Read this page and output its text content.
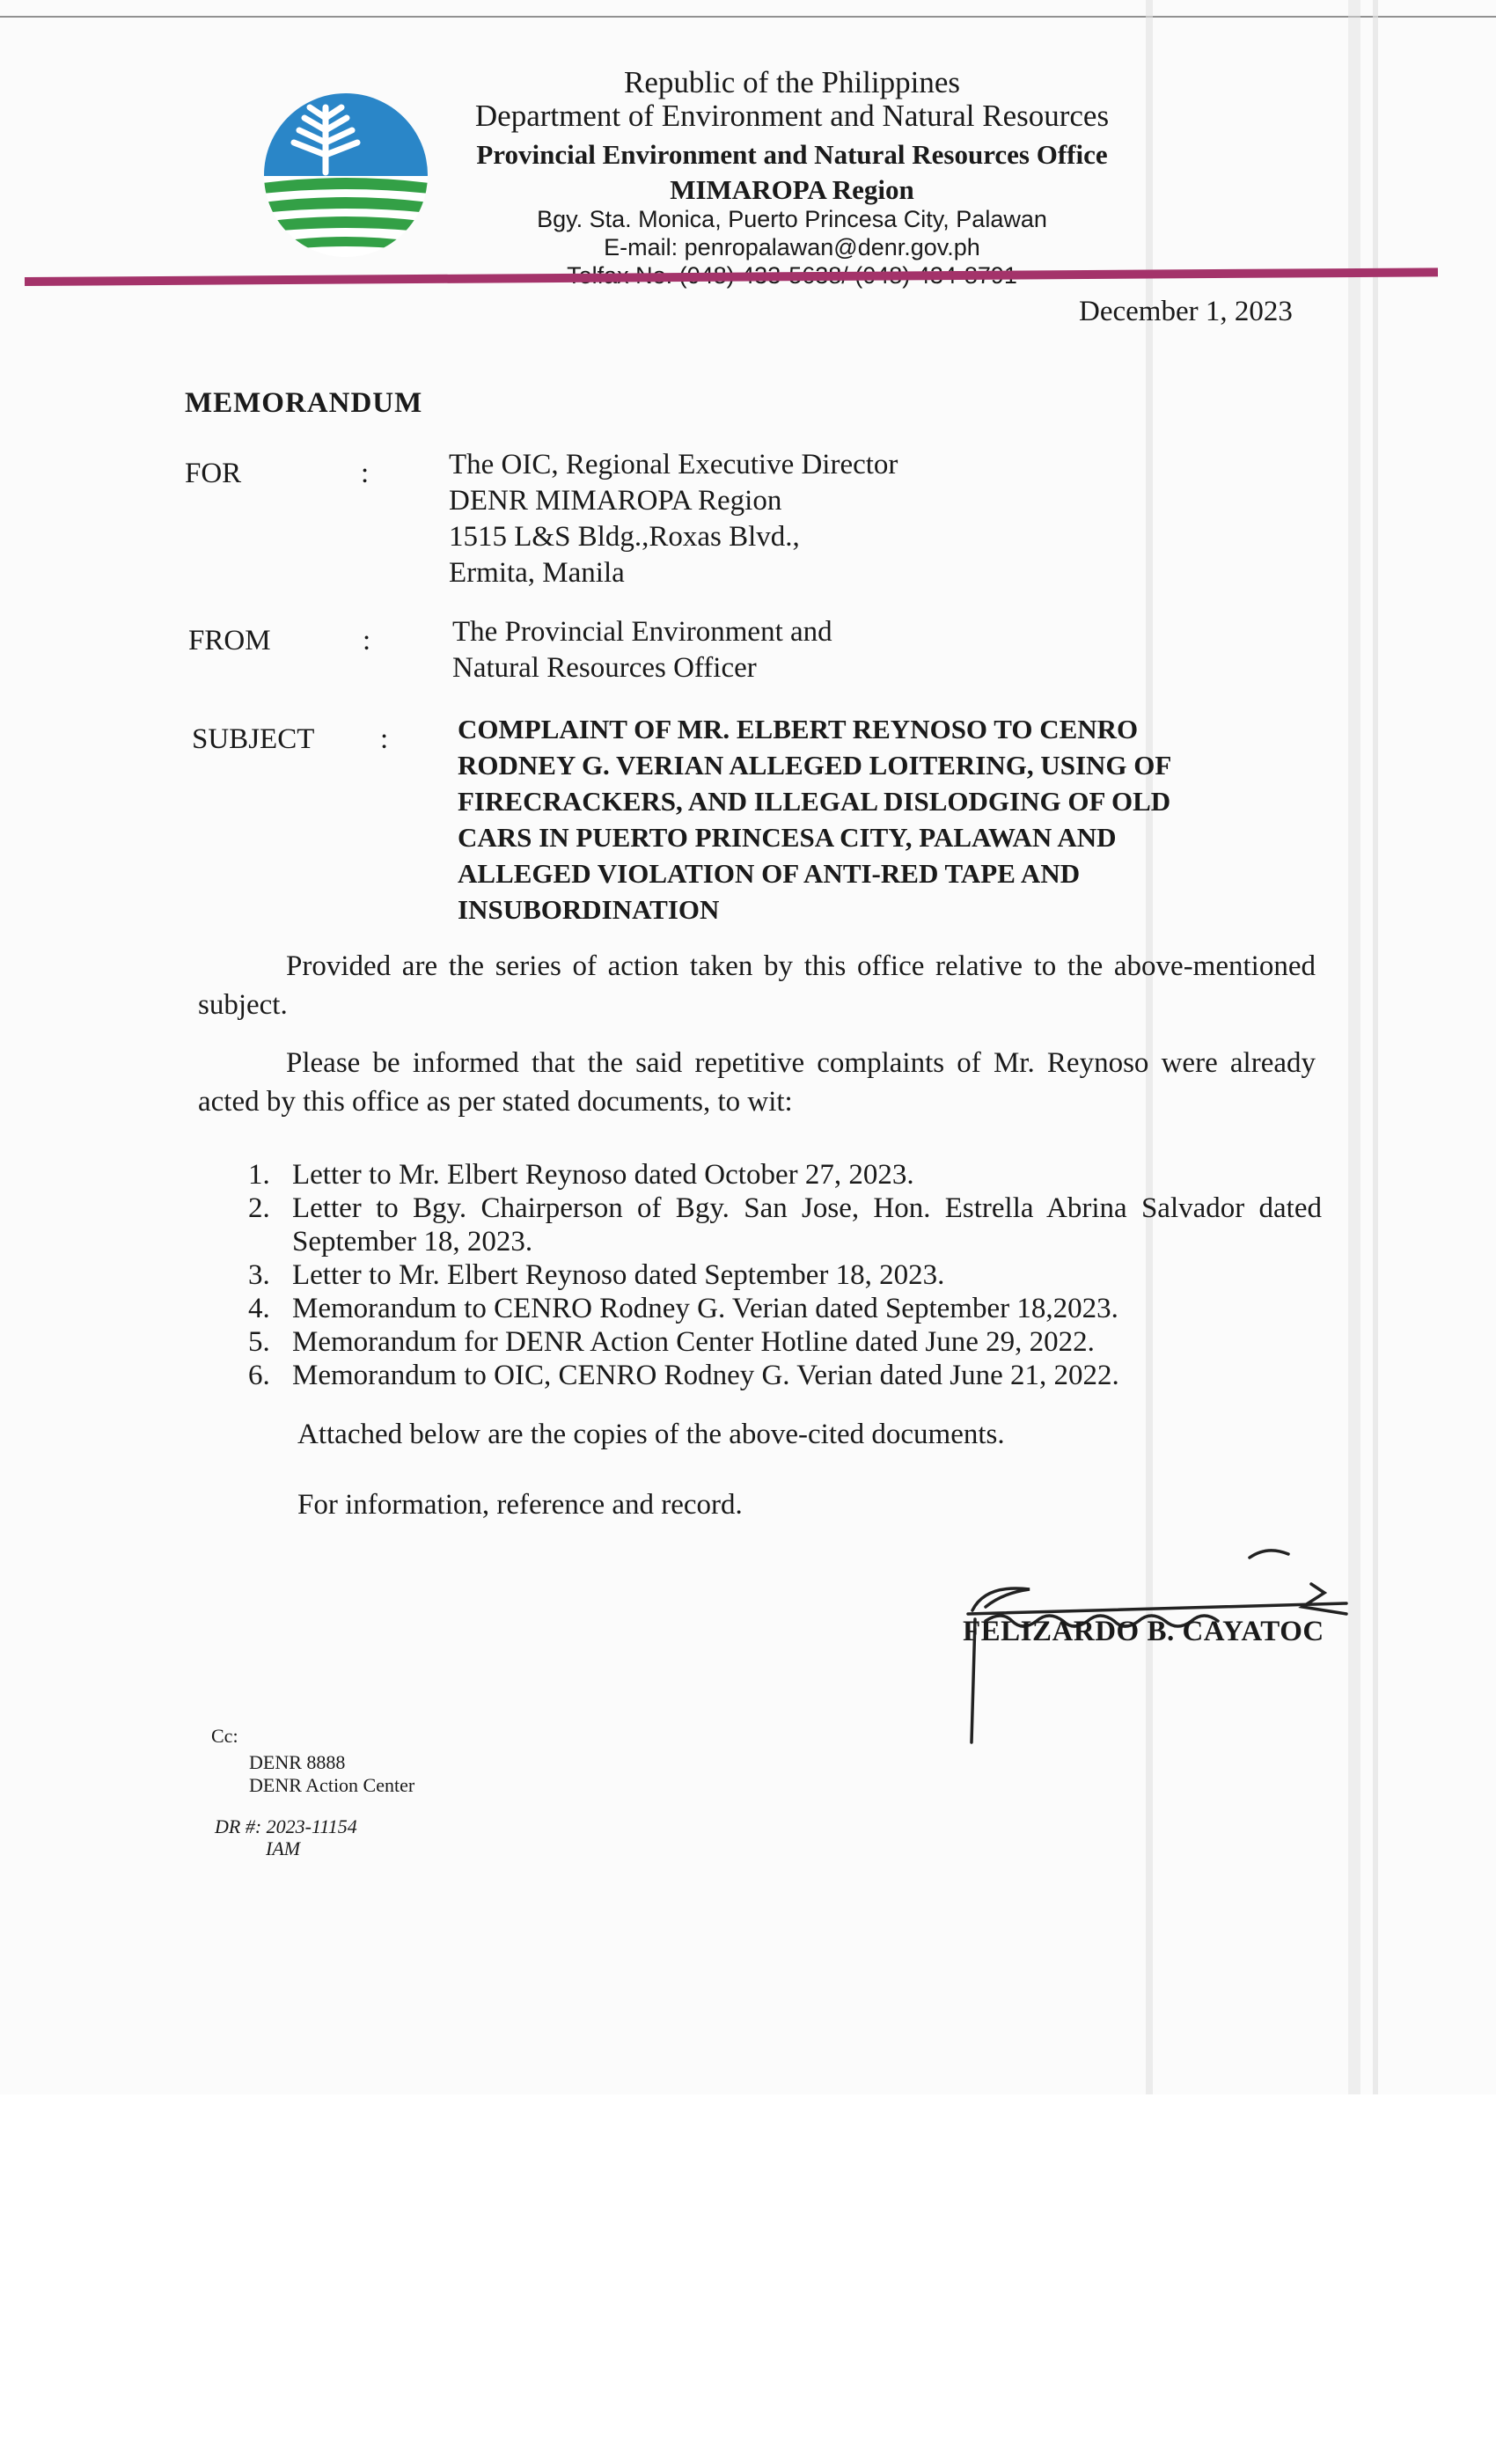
Republic of the Philippines
Department of Environment and Natural Resources
Provincial Environment and Natural Resources Office
MIMAROPA Region
Bgy. Sta. Monica, Puerto Princesa City, Palawan
E-mail: penropalawan@denr.gov.ph
December 1, 2023
MEMORANDUM
FOR	:	The OIC, Regional Executive Director
DENR MIMAROPA Region
1515 L&S Bldg.,Roxas Blvd.,
Ermita, Manila
FROM	:	The Provincial Environment and
Natural Resources Officer
SUBJECT :	COMPLAINT OF MR. ELBERT REYNOSO TO CENRO RODNEY G. VERIAN ALLEGED LOITERING, USING OF FIRECRACKERS, AND ILLEGAL DISLODGING OF OLD CARS IN PUERTO PRINCESA CITY, PALAWAN AND ALLEGED VIOLATION OF ANTI-RED TAPE AND INSUBORDINATION
Provided are the series of action taken by this office relative to the above-mentioned subject.
Please be informed that the said repetitive complaints of Mr. Reynoso were already acted by this office as per stated documents, to wit:
1. Letter to Mr. Elbert Reynoso dated October 27, 2023.
2. Letter to Bgy. Chairperson of Bgy. San Jose, Hon. Estrella Abrina Salvador dated September 18, 2023.
3. Letter to Mr. Elbert Reynoso dated September 18, 2023.
4. Memorandum to CENRO Rodney G. Verian dated September 18,2023.
5. Memorandum for DENR Action Center Hotline dated June 29, 2022.
6. Memorandum to OIC, CENRO Rodney G. Verian dated June 21, 2022.
Attached below are the copies of the above-cited documents.
For information, reference and record.
FELIZARDO B. CAYATOC
Cc:
DENR 8888
DENR Action Center
DR #: 2023-11154
IAM
